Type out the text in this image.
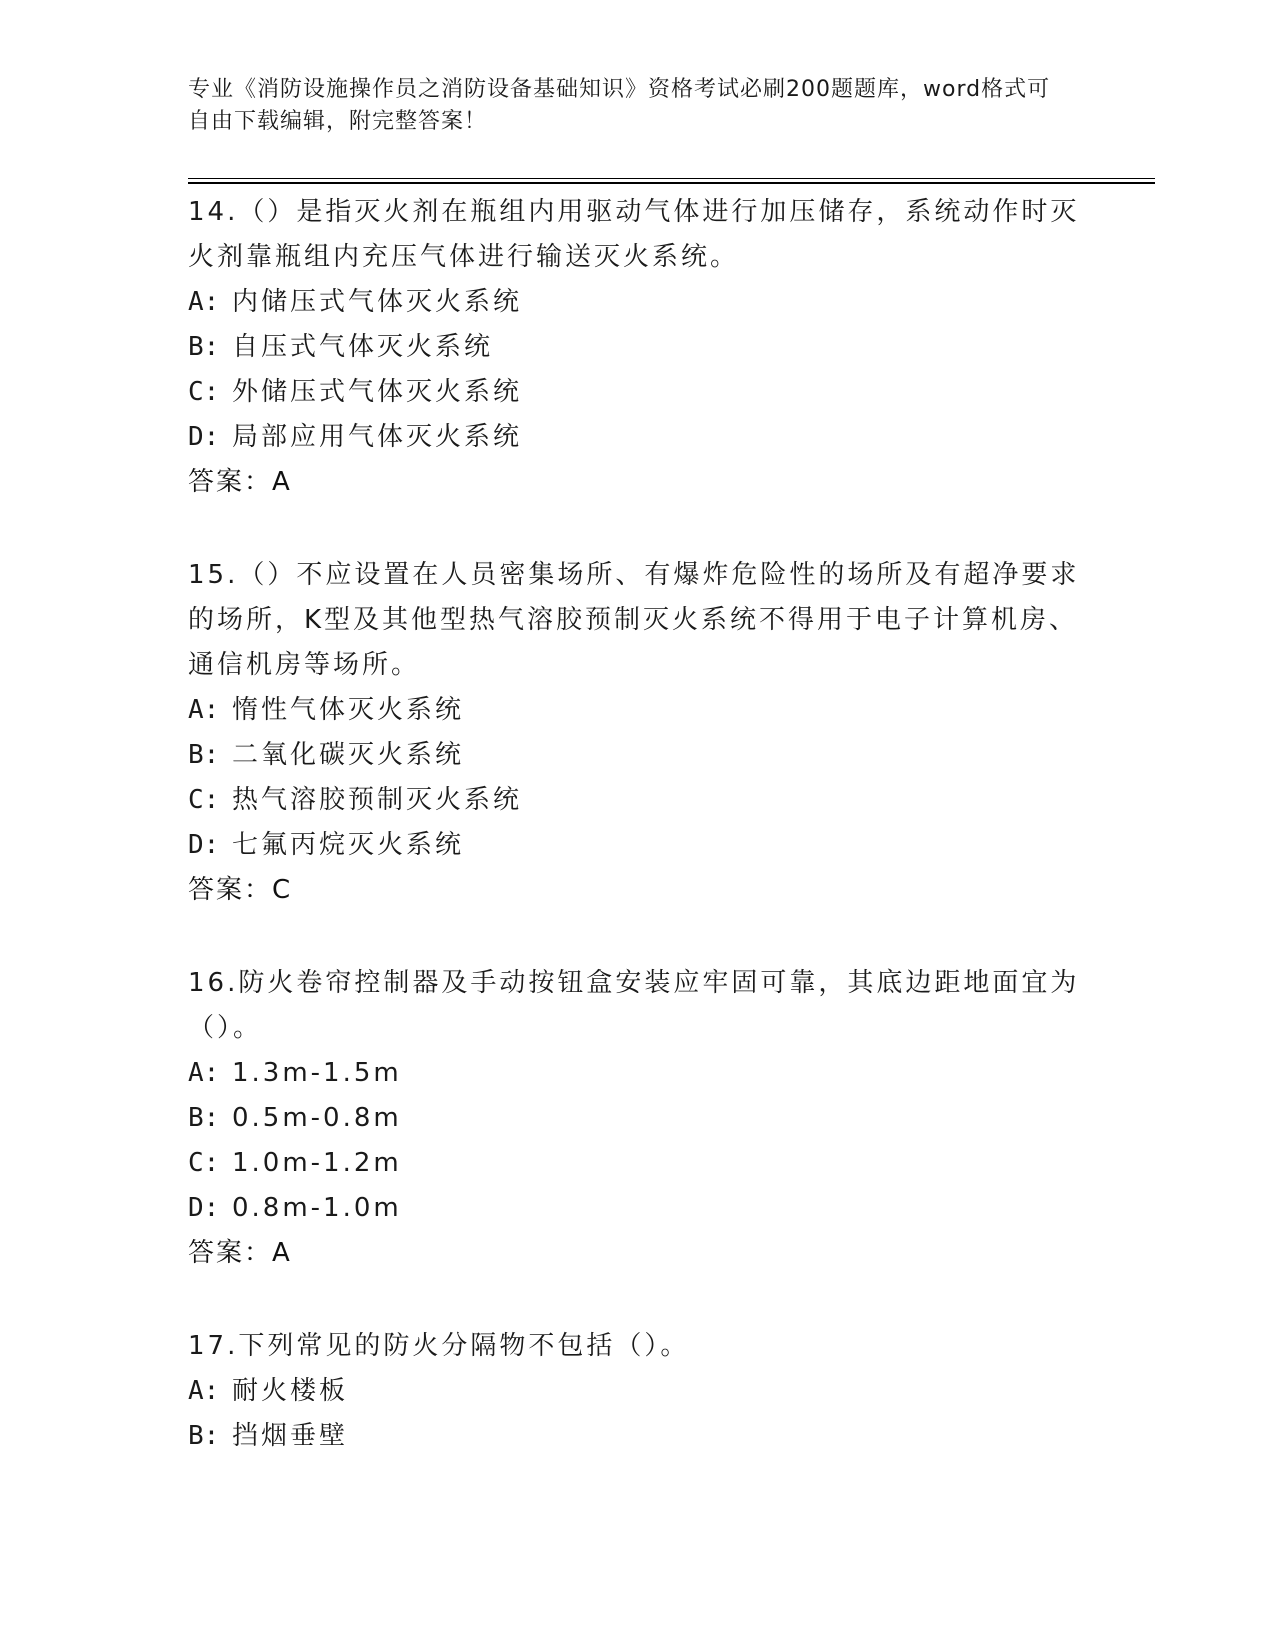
专业《消防设施操作员之消防设备基础知识》资格考试必刷200题题库，word格式可自由下载编辑，附完整答案！
14.（）是指灭火剂在瓶组内用驱动气体进行加压储存，系统动作时灭火剂靠瓶组内充压气体进行输送灭火系统。
A: 内储压式气体灭火系统
B: 自压式气体灭火系统
C: 外储压式气体灭火系统
D: 局部应用气体灭火系统
答案：A
15.（）不应设置在人员密集场所、有爆炸危险性的场所及有超净要求的场所，K型及其他型热气溶胶预制灭火系统不得用于电子计算机房、通信机房等场所。
A: 惰性气体灭火系统
B: 二氧化碳灭火系统
C: 热气溶胶预制灭火系统
D: 七氟丙烷灭火系统
答案：C
16.防火卷帘控制器及手动按钮盒安装应牢固可靠，其底边距地面宜为（）。
A: 1.3m-1.5m
B: 0.5m-0.8m
C: 1.0m-1.2m
D: 0.8m-1.0m
答案：A
17.下列常见的防火分隔物不包括（）。
A: 耐火楼板
B: 挡烟垂壁
